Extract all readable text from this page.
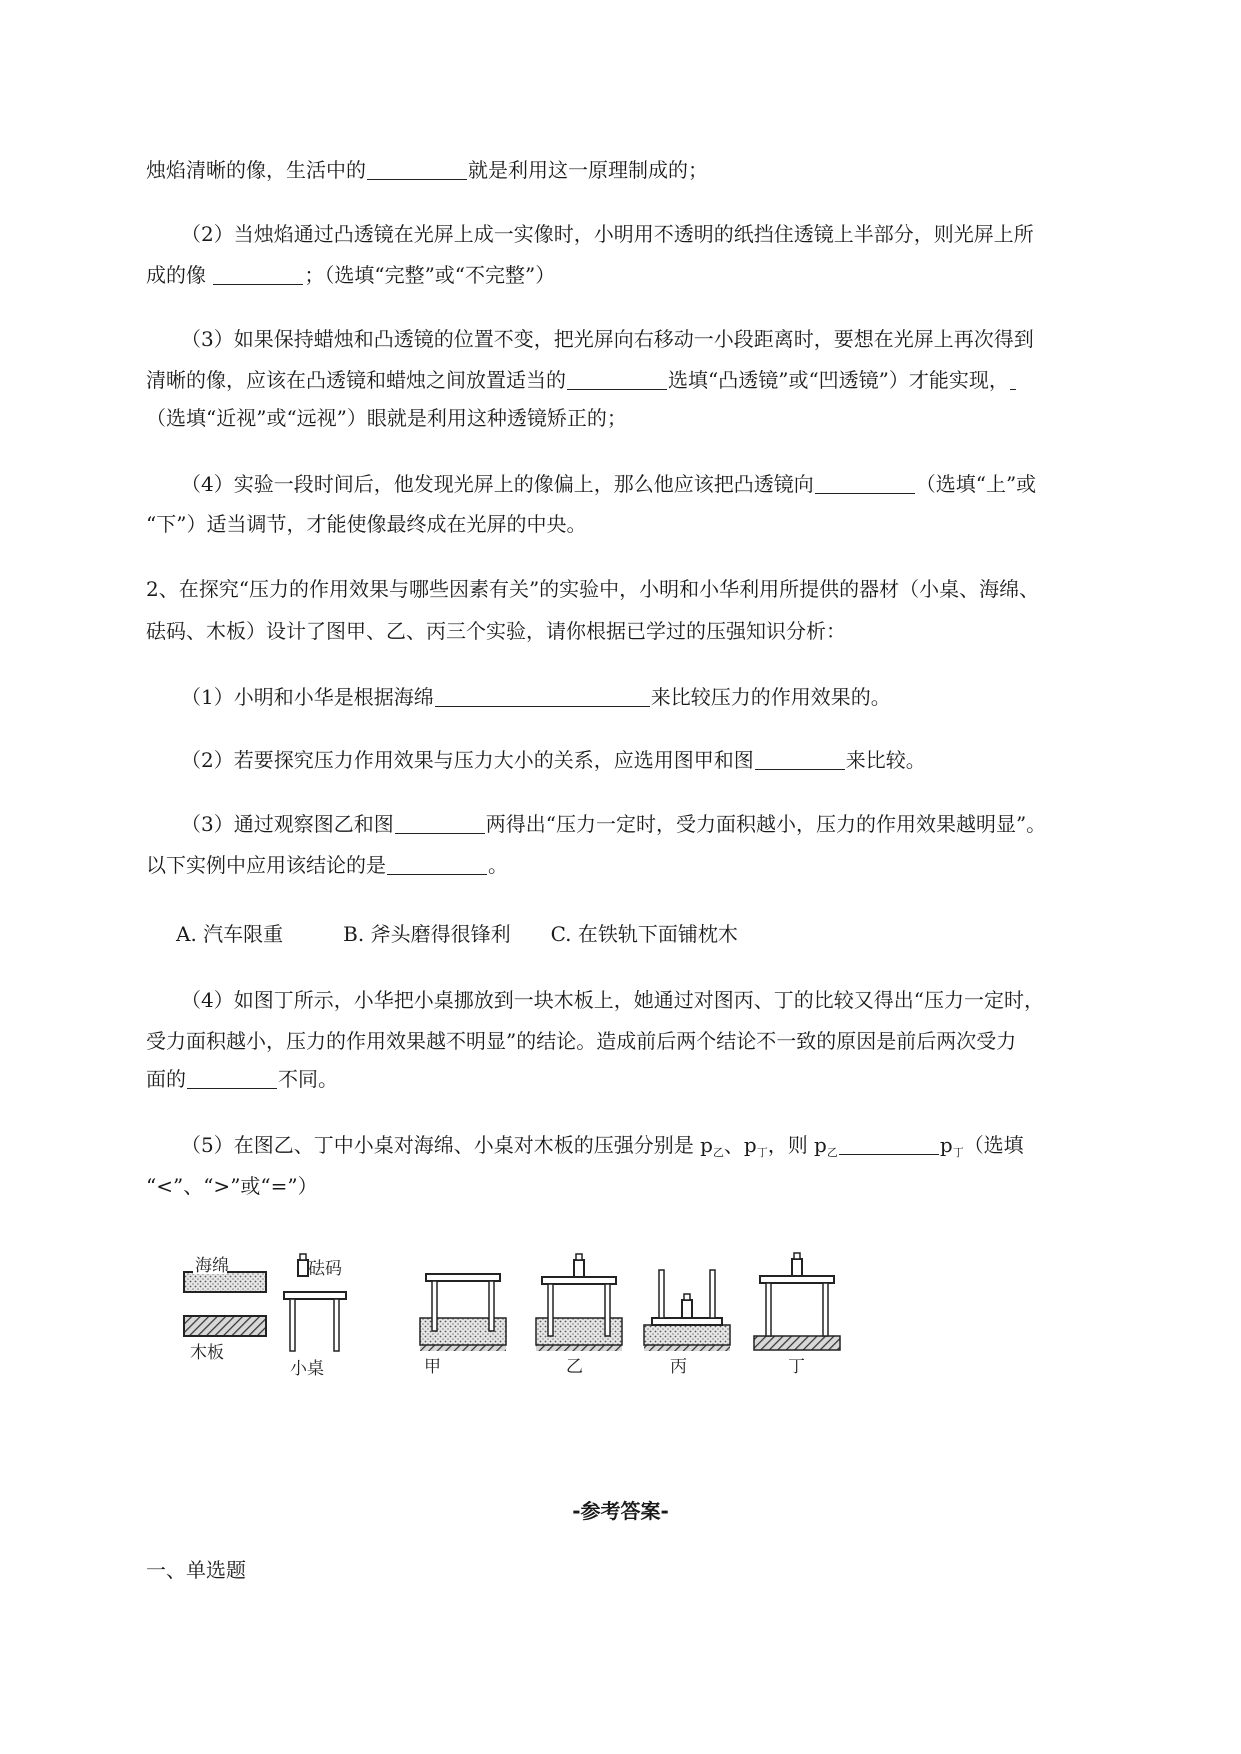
烛焰清晰的像，生活中的	就是利用这一原理制成的；
（2）当烛焰通过凸透镜在光屏上成一实像时，小明用不透明的纸挡住透镜上半部分，则光屏上所
成的像	；（选填“完整”或“不完整”）
（3）如果保持蜡烛和凸透镜的位置不变，把光屏向右移动一小段距离时，要想在光屏上再次得到
清晰的像，应该在凸透镜和蜡烛之间放置适当的	选填“凸透镜”或“凹透镜”）才能实现，
（选填“近视”或“远视”）眼就是利用这种透镜矫正的；
（4）实验一段时间后，他发现光屏上的像偏上，那么他应该把凸透镜向	（选填“上”或
“下”）适当调节，才能使像最终成在光屏的中央。
2、在探究“压力的作用效果与哪些因素有关”的实验中，小明和小华利用所提供的器材（小桌、海绵、
砝码、木板）设计了图甲、乙、丙三个实验，请你根据已学过的压强知识分析：
（1）小明和小华是根据海绵	来比较压力的作用效果的。
（2）若要探究压力作用效果与压力大小的关系，应选用图甲和图	来比较。
（3）通过观察图乙和图	两得出“压力一定时，受力面积越小，压力的作用效果越明显”。
以下实例中应用该结论的是	。
A. 汽车限重　　　B. 斧头磨得很锋利　　C. 在铁轨下面铺枕木
（4）如图丁所示，小华把小桌挪放到一块木板上，她通过对图丙、丁的比较又得出“压力一定时，
受力面积越小，压力的作用效果越不明显”的结论。造成前后两个结论不一致的原因是前后两次受力
面的	不同。
（5）在图乙、丁中小桌对海绵、小桌对木板的压强分别是 $p_乙$、$p_丁$，则 $p_乙$	$p_丁$（选填
“<”、“>”或“=”）
海绵
木板
砝码
小桌	甲	乙	丙	丁
-参考答案-
一、单选题
